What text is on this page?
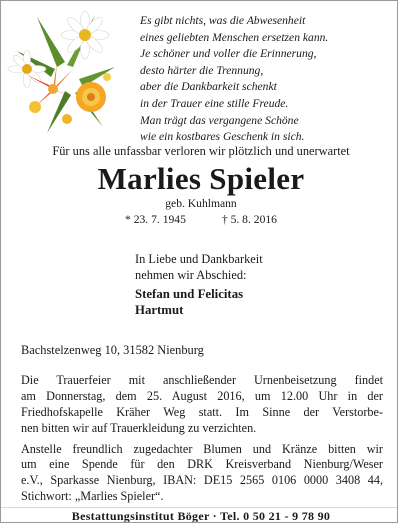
Es gibt nichts, was die Abwesenheit
eines geliebten Menschen ersetzen kann.
Je schöner und voller die Erinnerung,
desto härter die Trennung,
aber die Dankbarkeit schenkt
in der Trauer eine stille Freude.
Man trägt das vergangene Schöne
wie ein kostbares Geschenk in sich.
Für uns alle unfassbar verloren wir plötzlich und unerwartet
Marlies Spieler
geb. Kuhlmann
* 23. 7. 1945	† 5. 8. 2016
In Liebe und Dankbarkeit
nehmen wir Abschied:
Stefan und Felicitas
Hartmut
Bachstelzenweg 10, 31582 Nienburg
Die Trauerfeier mit anschließender Urnenbeisetzung findet
am Donnerstag, dem 25. August 2016, um 12.00 Uhr in der
Friedhofskapelle Kräher Weg statt. Im Sinne der Verstorbe-
nen bitten wir auf Trauerkleidung zu verzichten.
Anstelle freundlich zugedachter Blumen und Kränze bitten wir
um eine Spende für den DRK Kreisverband Nienburg/Weser
e.V., Sparkasse Nienburg, IBAN: DE15 2565 0106 0000 3408 44,
Stichwort: „Marlies Spieler“.
Bestattungsinstitut Böger · Tel. 0 50 21 - 9 78 90
